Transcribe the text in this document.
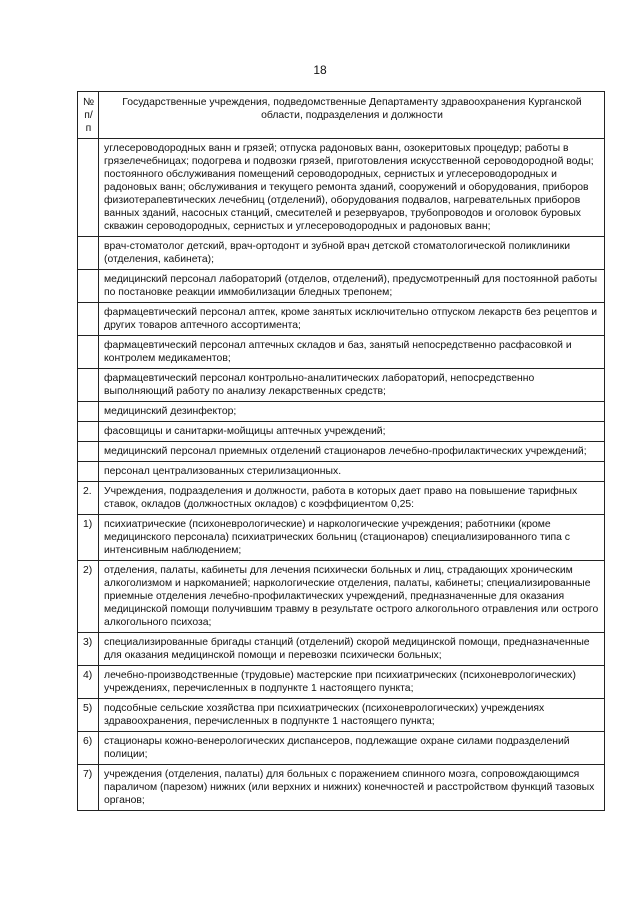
18
№
п/п	Государственные учреждения, подведомственные Департаменту здравоохранения Курганской области, подразделения и должности
	углесероводородных ванн и грязей; отпуска радоновых ванн, озокеритовых процедур; работы в грязелечебницах; подогрева и подвозки грязей, приготовления искусственной сероводородной воды; постоянного обслуживания помещений сероводородных, сернистых и углесероводородных и радоновых ванн; обслуживания и текущего ремонта зданий, сооружений и оборудования, приборов физиотерапевтических лечебниц (отделений), оборудования подвалов, нагревательных приборов ванных зданий, насосных станций, смесителей и резервуаров, трубопроводов и оголовок буровых скважин сероводородных, сернистых и углесероводородных и радоновых ванн;
	врач-стоматолог детский, врач-ортодонт и зубной врач детской стоматологической поликлиники (отделения, кабинета);
	медицинский персонал лабораторий (отделов, отделений), предусмотренный для постоянной работы по постановке реакции иммобилизации бледных трепонем;
	фармацевтический персонал аптек, кроме занятых исключительно отпуском лекарств без рецептов и других товаров аптечного ассортимента;
	фармацевтический персонал аптечных складов и баз, занятый непосредственно расфасовкой и контролем медикаментов;
	фармацевтический персонал контрольно-аналитических лабораторий, непосредственно выполняющий работу по анализу лекарственных средств;
	медицинский дезинфектор;
	фасовщицы и санитарки-мойщицы аптечных учреждений;
	медицинский персонал приемных отделений стационаров лечебно-профилактических учреждений;
	персонал централизованных стерилизационных.
2.	Учреждения, подразделения и должности, работа в которых дает право на повышение тарифных ставок, окладов (должностных окладов) с коэффициентом 0,25:
1)	психиатрические (психоневрологические) и наркологические учреждения; работники (кроме медицинского персонала) психиатрических больниц (стационаров) специализированного типа с интенсивным наблюдением;
2)	отделения, палаты, кабинеты для лечения психически больных и лиц, страдающих хроническим алкоголизмом и наркоманией; наркологические отделения, палаты, кабинеты; специализированные приемные отделения лечебно-профилактических учреждений, предназначенные для оказания медицинской помощи получившим травму в результате острого алкогольного отравления или острого алкогольного психоза;
3)	специализированные бригады станций (отделений) скорой медицинской помощи, предназначенные для оказания медицинской помощи и перевозки психически больных;
4)	лечебно-производственные (трудовые) мастерские при психиатрических (психоневрологических) учреждениях, перечисленных в подпункте 1 настоящего пункта;
5)	подсобные сельские хозяйства при психиатрических (психоневрологических) учреждениях здравоохранения, перечисленных в подпункте 1 настоящего пункта;
6)	стационары кожно-венерологических диспансеров, подлежащие охране силами подразделений полиции;
7)	учреждения (отделения, палаты) для больных с поражением спинного мозга, сопровождающимся параличом (парезом) нижних (или верхних и нижних) конечностей и расстройством функций тазовых органов;
